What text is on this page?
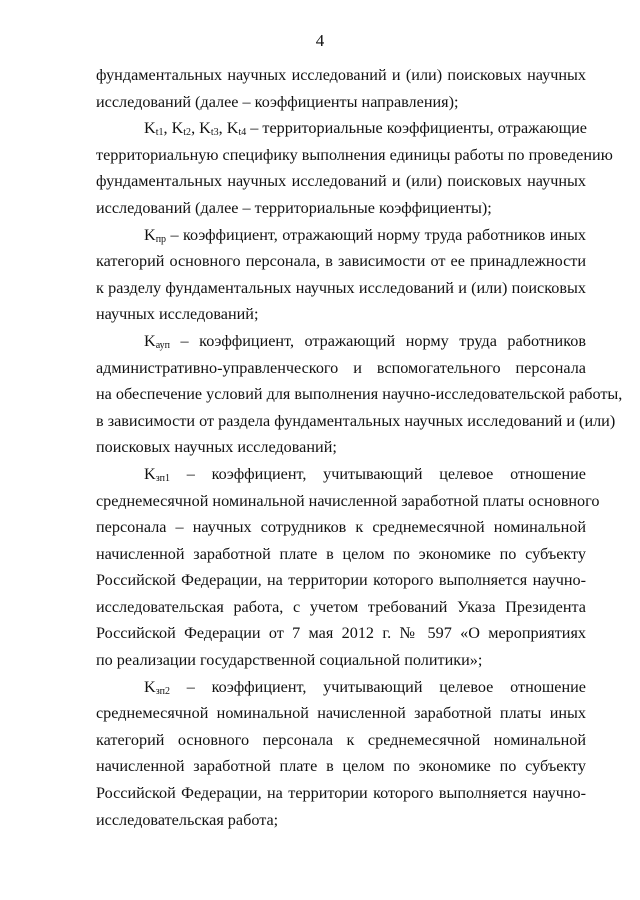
4
фундаментальных научных исследований и (или) поисковых научных
исследований (далее – коэффициенты направления);
$K_{t1}$, $K_{t2}$, $K_{t3}$, $K_{t4}$ – территориальные коэффициенты, отражающие
территориальную специфику выполнения единицы работы по проведению
фундаментальных научных исследований и (или) поисковых научных
исследований (далее – территориальные коэффициенты);
$K_{пр}$ – коэффициент, отражающий норму труда работников иных
категорий основного персонала, в зависимости от ее принадлежности
к разделу фундаментальных научных исследований и (или) поисковых
научных исследований;
$K_{ауп}$ – коэффициент, отражающий норму труда работников
административно-управленческого и вспомогательного персонала
на обеспечение условий для выполнения научно-исследовательской работы,
в зависимости от раздела фундаментальных научных исследований и (или)
поисковых научных исследований;
$K_{зп1}$ – коэффициент, учитывающий целевое отношение
среднемесячной номинальной начисленной заработной платы основного
персонала – научных сотрудников к среднемесячной номинальной
начисленной заработной плате в целом по экономике по субъекту
Российской Федерации, на территории которого выполняется научно-
исследовательская работа, с учетом требований Указа Президента
Российской Федерации от 7 мая 2012 г. № 597 «О мероприятиях
по реализации государственной социальной политики»;
$K_{зп2}$ – коэффициент, учитывающий целевое отношение
среднемесячной номинальной начисленной заработной платы иных
категорий основного персонала к среднемесячной номинальной
начисленной заработной плате в целом по экономике по субъекту
Российской Федерации, на территории которого выполняется научно-
исследовательская работа;
